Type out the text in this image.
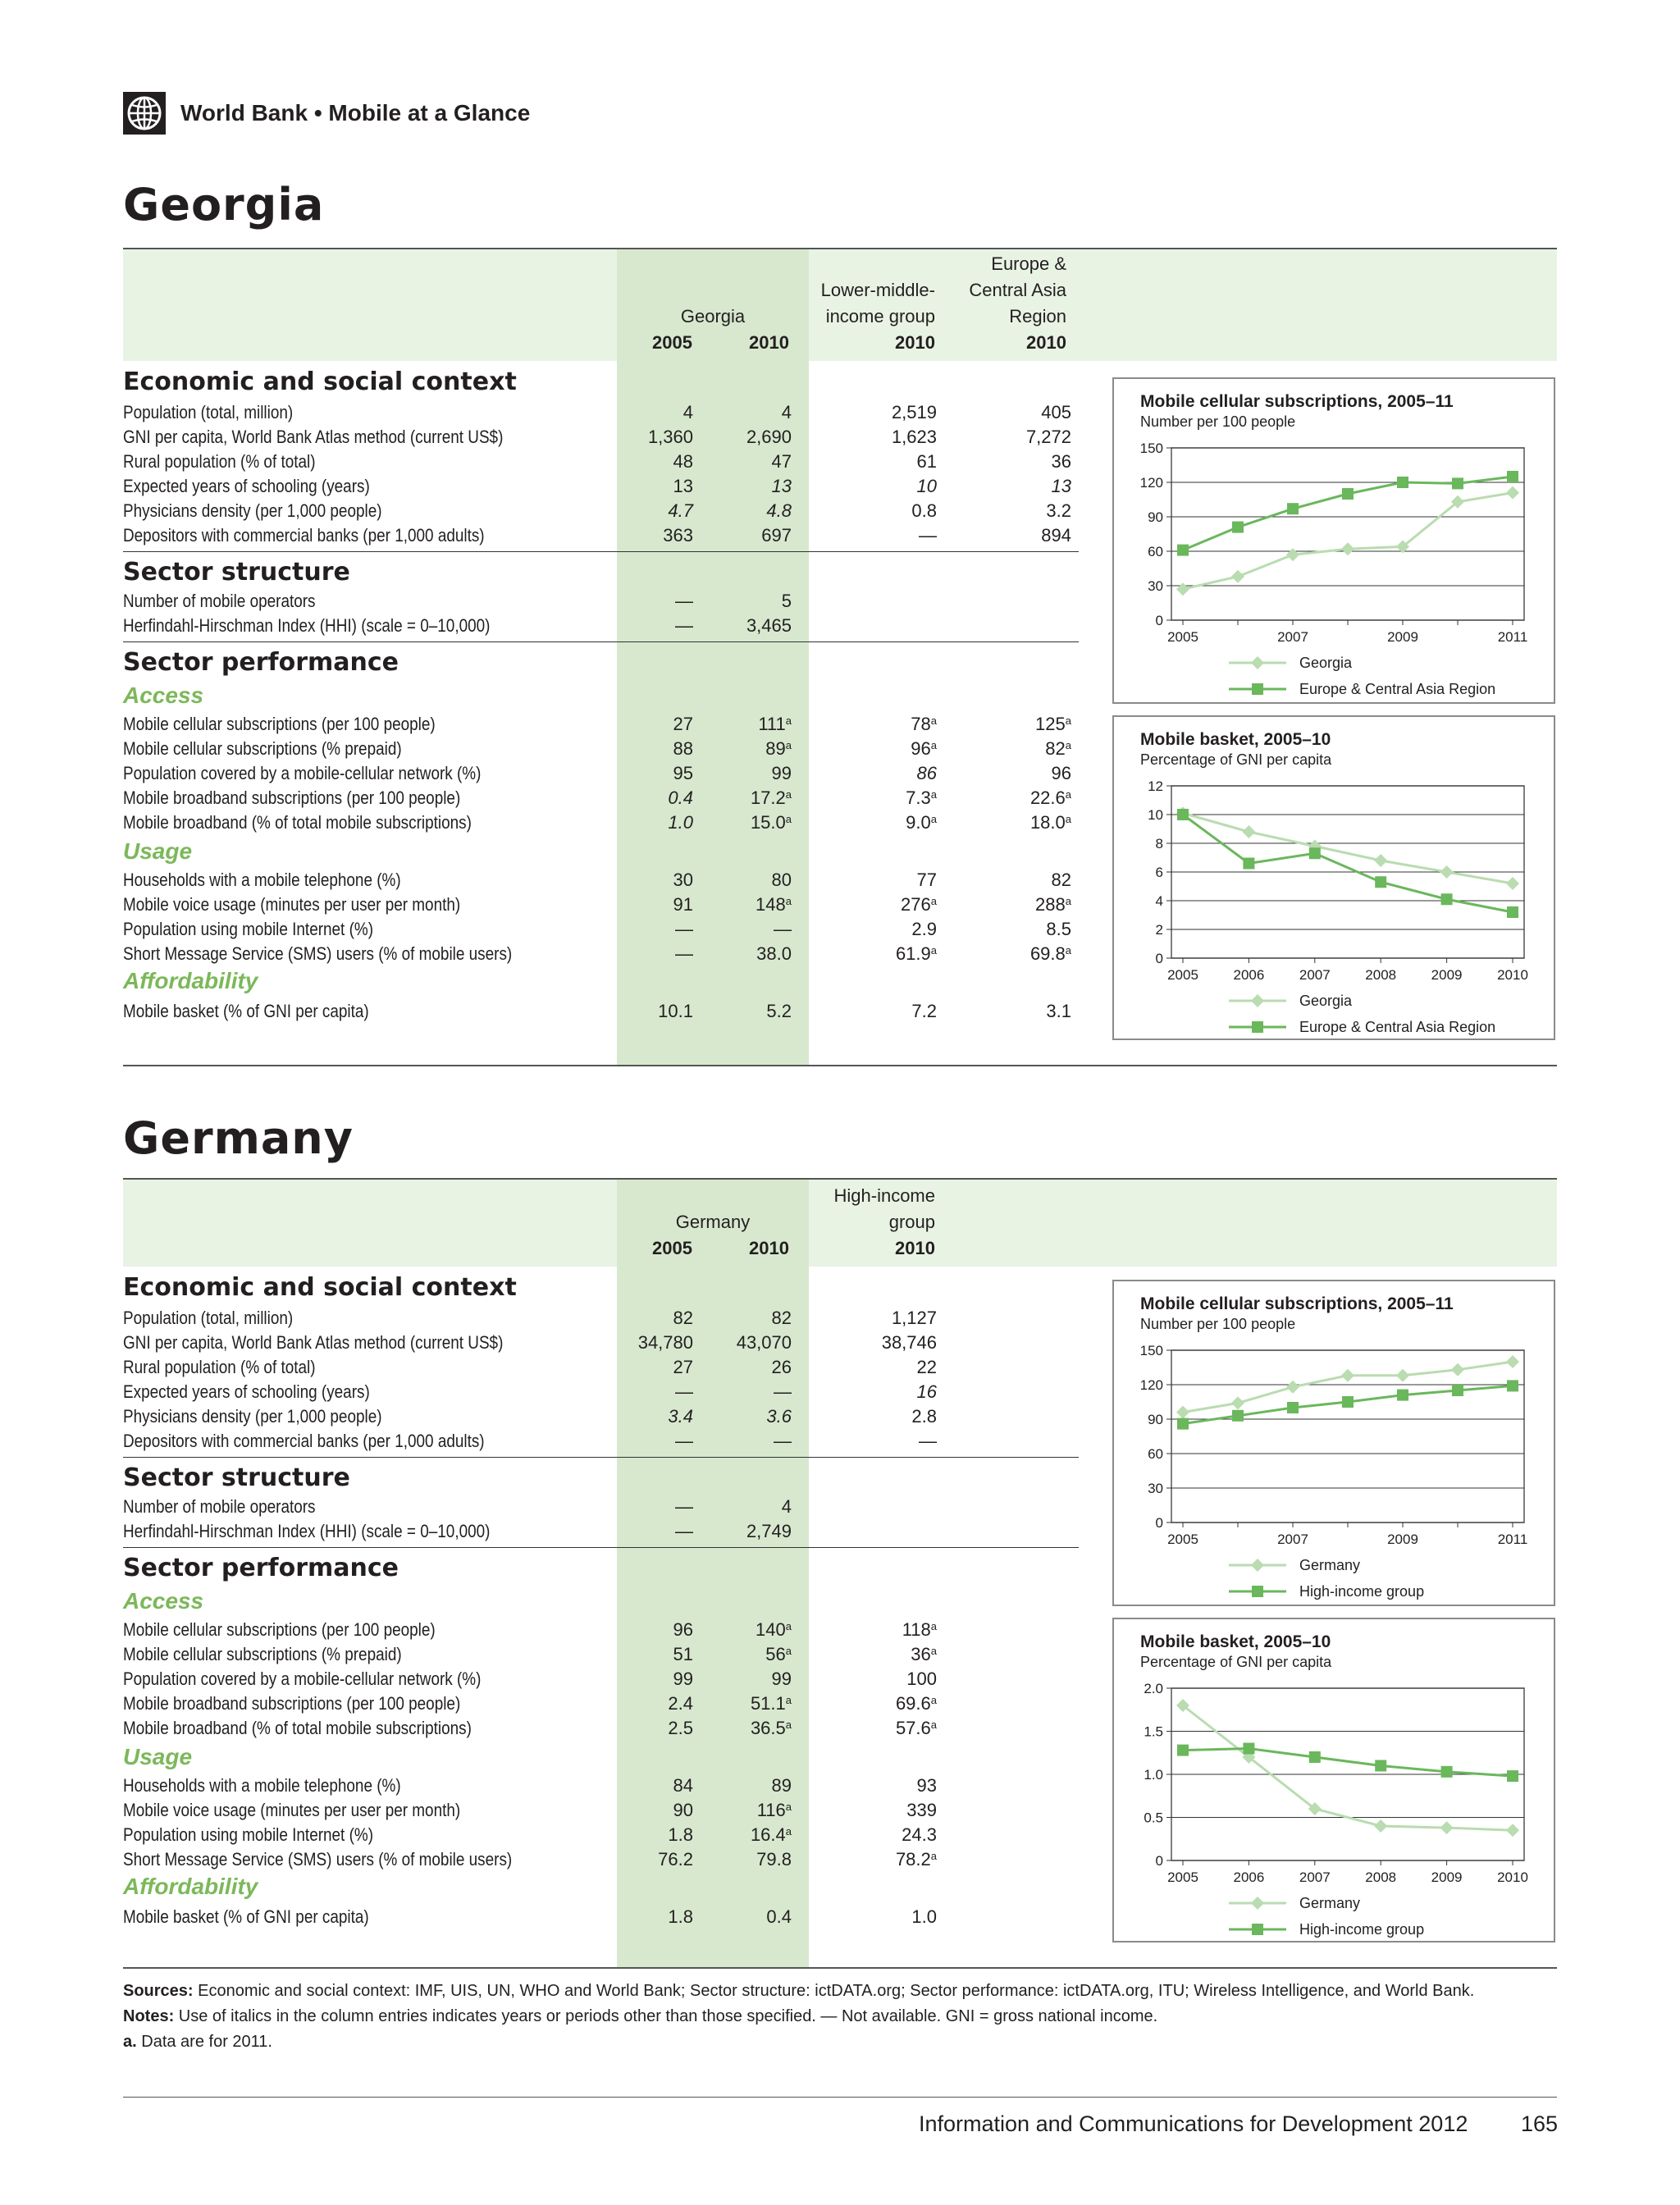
World Bank • Mobile at a Glance
Georgia
Georgia
2005	2010
Lower-middle-
income group
2010
Europe &
Central Asia
Region
2010
Economic and social context
Sector structure
Sector performance
Access
Usage
Affordability
Population (total, million)	4	4	2,519	405
GNI per capita, World Bank Atlas method (current US$)	1,360	2,690	1,623	7,272
Rural population (% of total)	48	47	61	36
Expected years of schooling (years)	13	13	10	13
Physicians density (per 1,000 people)	4.7	4.8	0.8	3.2
Depositors with commercial banks (per 1,000 adults)	363	697	—	894
Number of mobile operators	—	5
Herfindahl-Hirschman Index (HHI) (scale = 0–10,000)	—	3,465
Mobile cellular subscriptions (per 100 people)	27	111$^a$	78$^a$	125$^a$
Mobile cellular subscriptions (% prepaid)	88	89$^a$	96$^a$	82$^a$
Population covered by a mobile-cellular network (%)	95	99	86	96
Mobile broadband subscriptions (per 100 people)	0.4	17.2$^a$	7.3$^a$	22.6$^a$
Mobile broadband (% of total mobile subscriptions)	1.0	15.0$^a$	9.0$^a$	18.0$^a$
Households with a mobile telephone (%)	30	80	77	82
Mobile voice usage (minutes per user per month)	91	148$^a$	276$^a$	288$^a$
Population using mobile Internet (%)	—	—	2.9	8.5
Short Message Service (SMS) users (% of mobile users)	—	38.0	61.9$^a$	69.8$^a$
Mobile basket (% of GNI per capita)	10.1	5.2	7.2	3.1
Mobile cellular subscriptions, 2005–11
Number per 100 people
0
30
60
90
120
150
2005	2007	2009	2011
Georgia
Europe & Central Asia Region
Mobile basket, 2005–10
Percentage of GNI per capita
0
2
4
6
8
10
12
2005	2006	2007	2008	2009	2010
Georgia
Europe & Central Asia Region
Germany
Germany
2005	2010
High-income
group
2010
Economic and social context
Sector structure
Sector performance
Access
Usage
Affordability
Population (total, million)	82	82	1,127
GNI per capita, World Bank Atlas method (current US$)	34,780	43,070	38,746
Rural population (% of total)	27	26	22
Expected years of schooling (years)	—	—	16
Physicians density (per 1,000 people)	3.4	3.6	2.8
Depositors with commercial banks (per 1,000 adults)	—	—	—
Number of mobile operators	—	4
Herfindahl-Hirschman Index (HHI) (scale = 0–10,000)	—	2,749
Mobile cellular subscriptions (per 100 people)	96	140$^a$	118$^a$
Mobile cellular subscriptions (% prepaid)	51	56$^a$	36$^a$
Population covered by a mobile-cellular network (%)	99	99	100
Mobile broadband subscriptions (per 100 people)	2.4	51.1$^a$	69.6$^a$
Mobile broadband (% of total mobile subscriptions)	2.5	36.5$^a$	57.6$^a$
Households with a mobile telephone (%)	84	89	93
Mobile voice usage (minutes per user per month)	90	116$^a$	339
Population using mobile Internet (%)	1.8	16.4$^a$	24.3
Short Message Service (SMS) users (% of mobile users)	76.2	79.8	78.2$^a$
Mobile basket (% of GNI per capita)	1.8	0.4	1.0
Mobile cellular subscriptions, 2005–11
Number per 100 people
0
30
60
90
120
150
2005	2007	2009	2011
Germany
High-income group
Mobile basket, 2005–10
Percentage of GNI per capita
0
0.5
1.0
1.5
2.0
2005	2006	2007	2008	2009	2010
Germany
High-income group
Sources: Economic and social context: IMF, UIS, UN, WHO and World Bank; Sector structure: ictDATA.org; Sector performance: ictDATA.org, ITU; Wireless Intelligence, and World Bank.
Notes: Use of italics in the column entries indicates years or periods other than those specified. — Not available. GNI = gross national income.
a. Data are for 2011.
Information and Communications for Development 2012 165
